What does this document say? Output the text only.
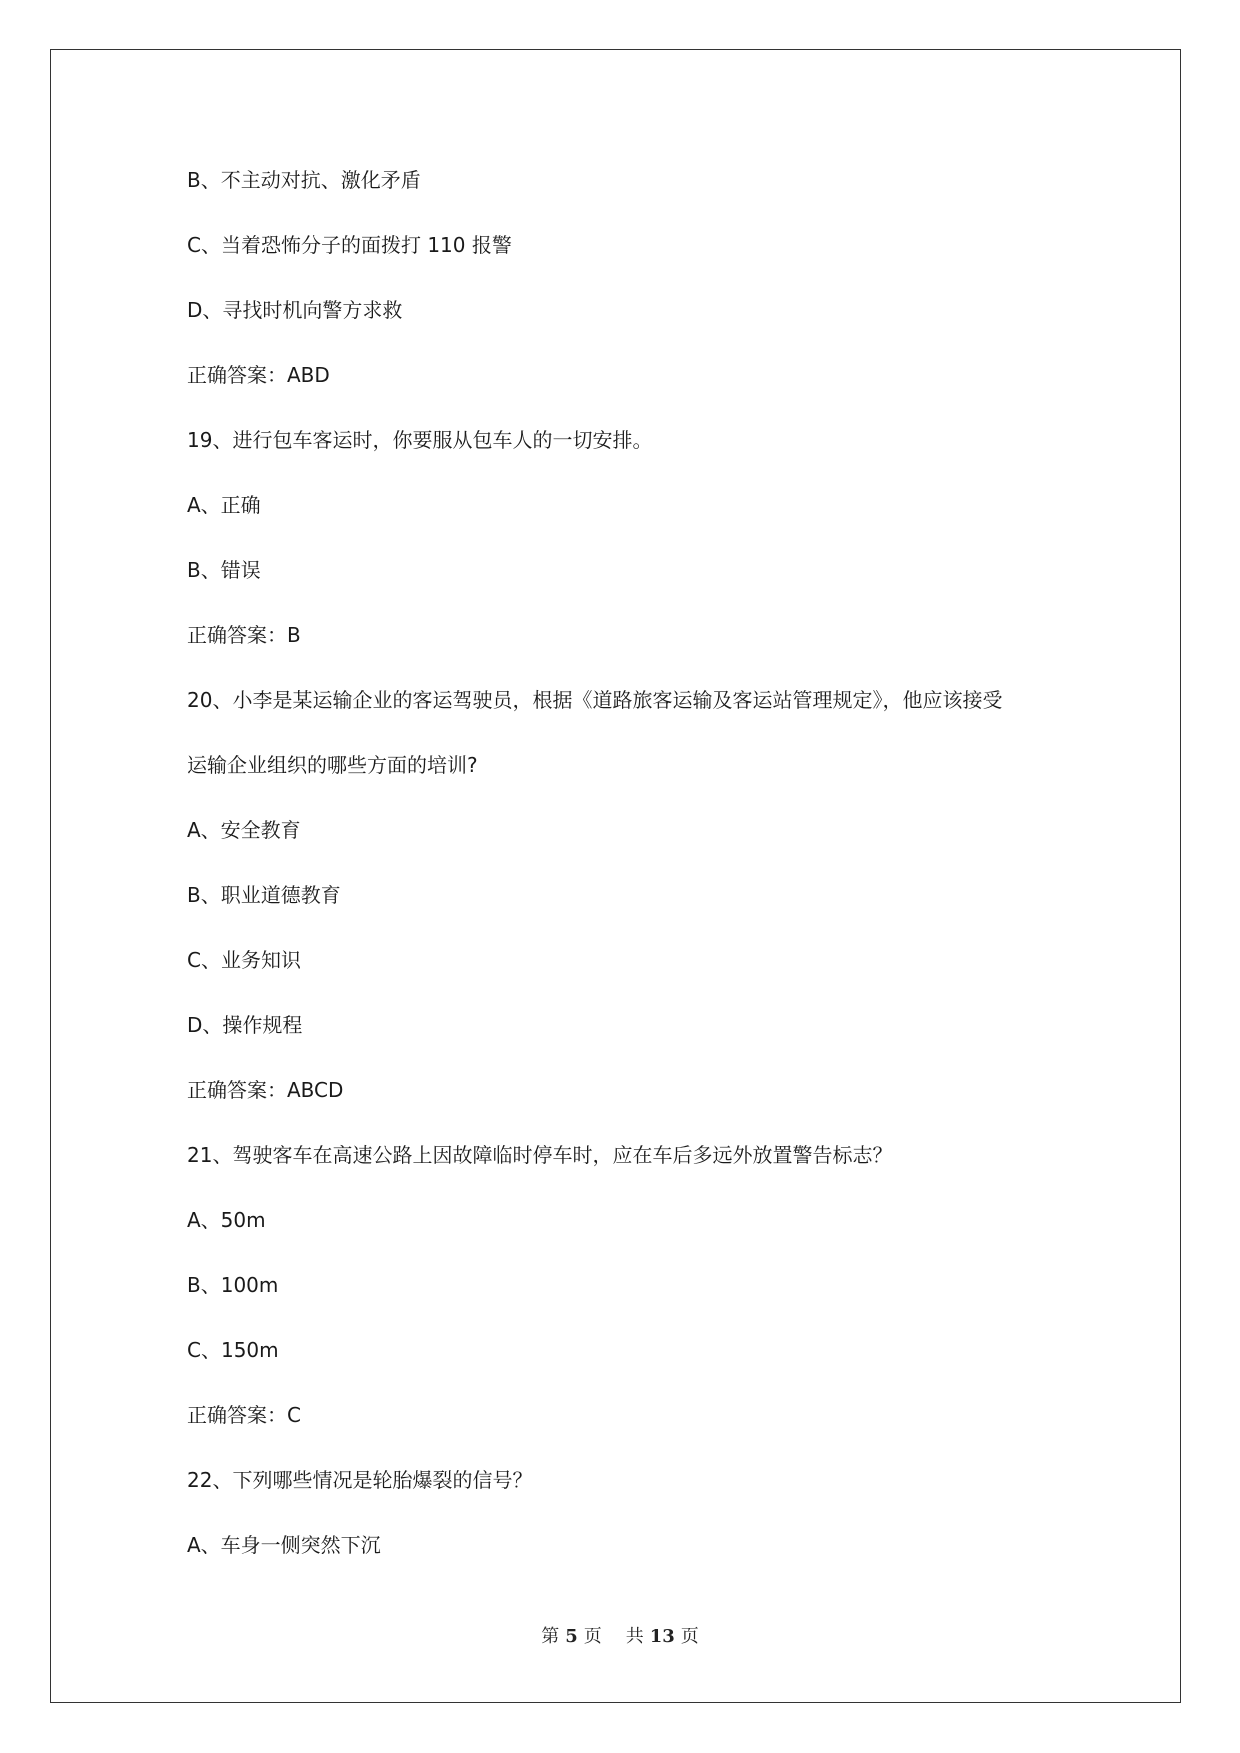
B、不主动对抗、激化矛盾
C、当着恐怖分子的面拨打 110 报警
D、寻找时机向警方求救
正确答案：ABD
19、进行包车客运时，你要服从包车人的一切安排。
A、正确
B、错误
正确答案：B
20、小李是某运输企业的客运驾驶员，根据《道路旅客运输及客运站管理规定》，他应该接受
运输企业组织的哪些方面的培训?
A、安全教育
B、职业道德教育
C、业务知识
D、操作规程
正确答案：ABCD
21、驾驶客车在高速公路上因故障临时停车时，应在车后多远外放置警告标志？
A、50m
B、100m
C、150m
正确答案：C
22、下列哪些情况是轮胎爆裂的信号？
A、车身一侧突然下沉
第 5 页 共 13 页
